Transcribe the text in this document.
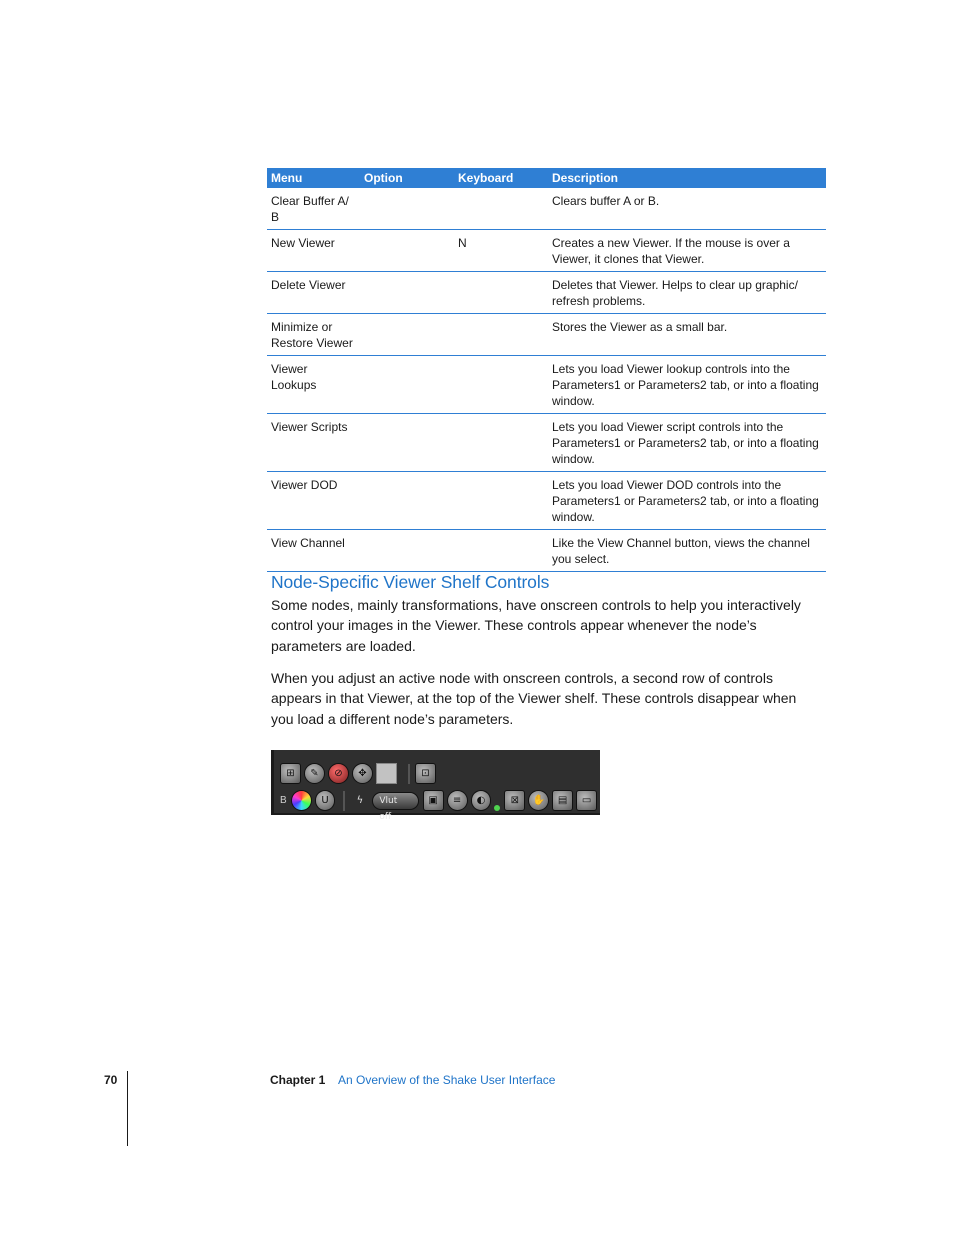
Menu	Option	Keyboard	Description
Clear Buffer A/
B			Clears buffer A or B.
New Viewer		N	Creates a new Viewer. If the mouse is over a Viewer, it clones that Viewer.
Delete Viewer			Deletes that Viewer. Helps to clear up graphic/
refresh problems.
Minimize or
Restore Viewer			Stores the Viewer as a small bar.
Viewer
Lookups			Lets you load Viewer lookup controls into the Parameters1 or Parameters2 tab, or into a floating window.
Viewer Scripts			Lets you load Viewer script controls into the Parameters1 or Parameters2 tab, or into a floating window.
Viewer DOD			Lets you load Viewer DOD controls into the Parameters1 or Parameters2 tab, or into a floating window.
View Channel			Like the View Channel button, views the channel you select.
Node-Specific Viewer Shelf Controls

Some nodes, mainly transformations, have onscreen controls to help you interactively control your images in the Viewer. These controls appear whenever the node’s parameters are loaded.

When you adjust an active node with onscreen controls, a second row of controls appears in that Viewer, at the top of the Viewer shelf. These controls disappear when you load a different node’s parameters.

⊞	✎	⊘	✥	⊡
B	U	ϟ	Vlut off
▣	≡	◐	⊠	✋	▤	▭

70	Chapter 1 An Overview of the Shake User Interface
